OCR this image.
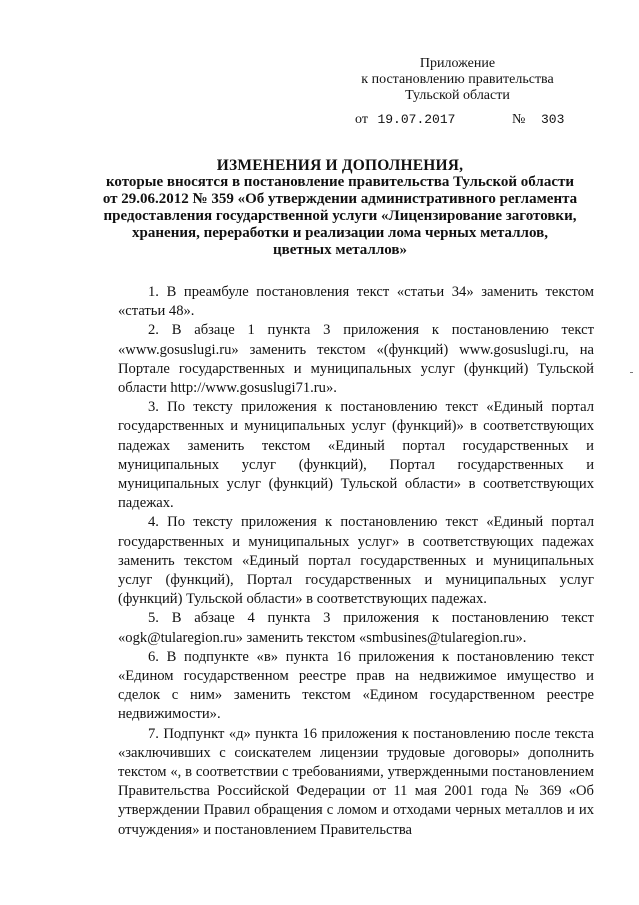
Приложение
к постановлению правительства
Тульской области
от 19.07.2017	№ 303
ИЗМЕНЕНИЯ И ДОПОЛНЕНИЯ,
которые вносятся в постановление правительства Тульской области
от 29.06.2012 № 359 «Об утверждении административного регламента
предоставления государственной услуги «Лицензирование заготовки,
хранения, переработки и реализации лома черных металлов,
цветных металлов»

1. В преамбуле постановления текст «статьи 34» заменить текстом «статьи 48».

2. В абзаце 1 пункта 3 приложения к постановлению текст «www.gosuslugi.ru» заменить текстом «(функций) www.gosuslugi.ru, на Портале государственных и муниципальных услуг (функций) Тульской области http://www.gosuslugi71.ru».

3. По тексту приложения к постановлению текст «Единый портал государственных и муниципальных услуг (функций)» в соответствующих падежах заменить текстом «Единый портал государственных и муниципальных услуг (функций), Портал государственных и муниципальных услуг (функций) Тульской области» в соответствующих падежах.

4. По тексту приложения к постановлению текст «Единый портал государственных и муниципальных услуг» в соответствующих падежах заменить текстом «Единый портал государственных и муниципальных услуг (функций), Портал государственных и муниципальных услуг (функций) Тульской области» в соответствующих падежах.

5. В абзаце 4 пункта 3 приложения к постановлению текст «ogk@tularegion.ru» заменить текстом «smbusines@tularegion.ru».

6. В подпункте «в» пункта 16 приложения к постановлению текст «Едином государственном реестре прав на недвижимое имущество и сделок с ним» заменить текстом «Едином государственном реестре недвижимости».

7. Подпункт «д» пункта 16 приложения к постановлению после текста «заключивших с соискателем лицензии трудовые договоры» дополнить текстом «, в соответствии с требованиями, утвержденными постановлением Правительства Российской Федерации от 11 мая 2001 года № 369 «Об утверждении Правил обращения с ломом и отходами черных металлов и их отчуждения» и постановлением Правительства
